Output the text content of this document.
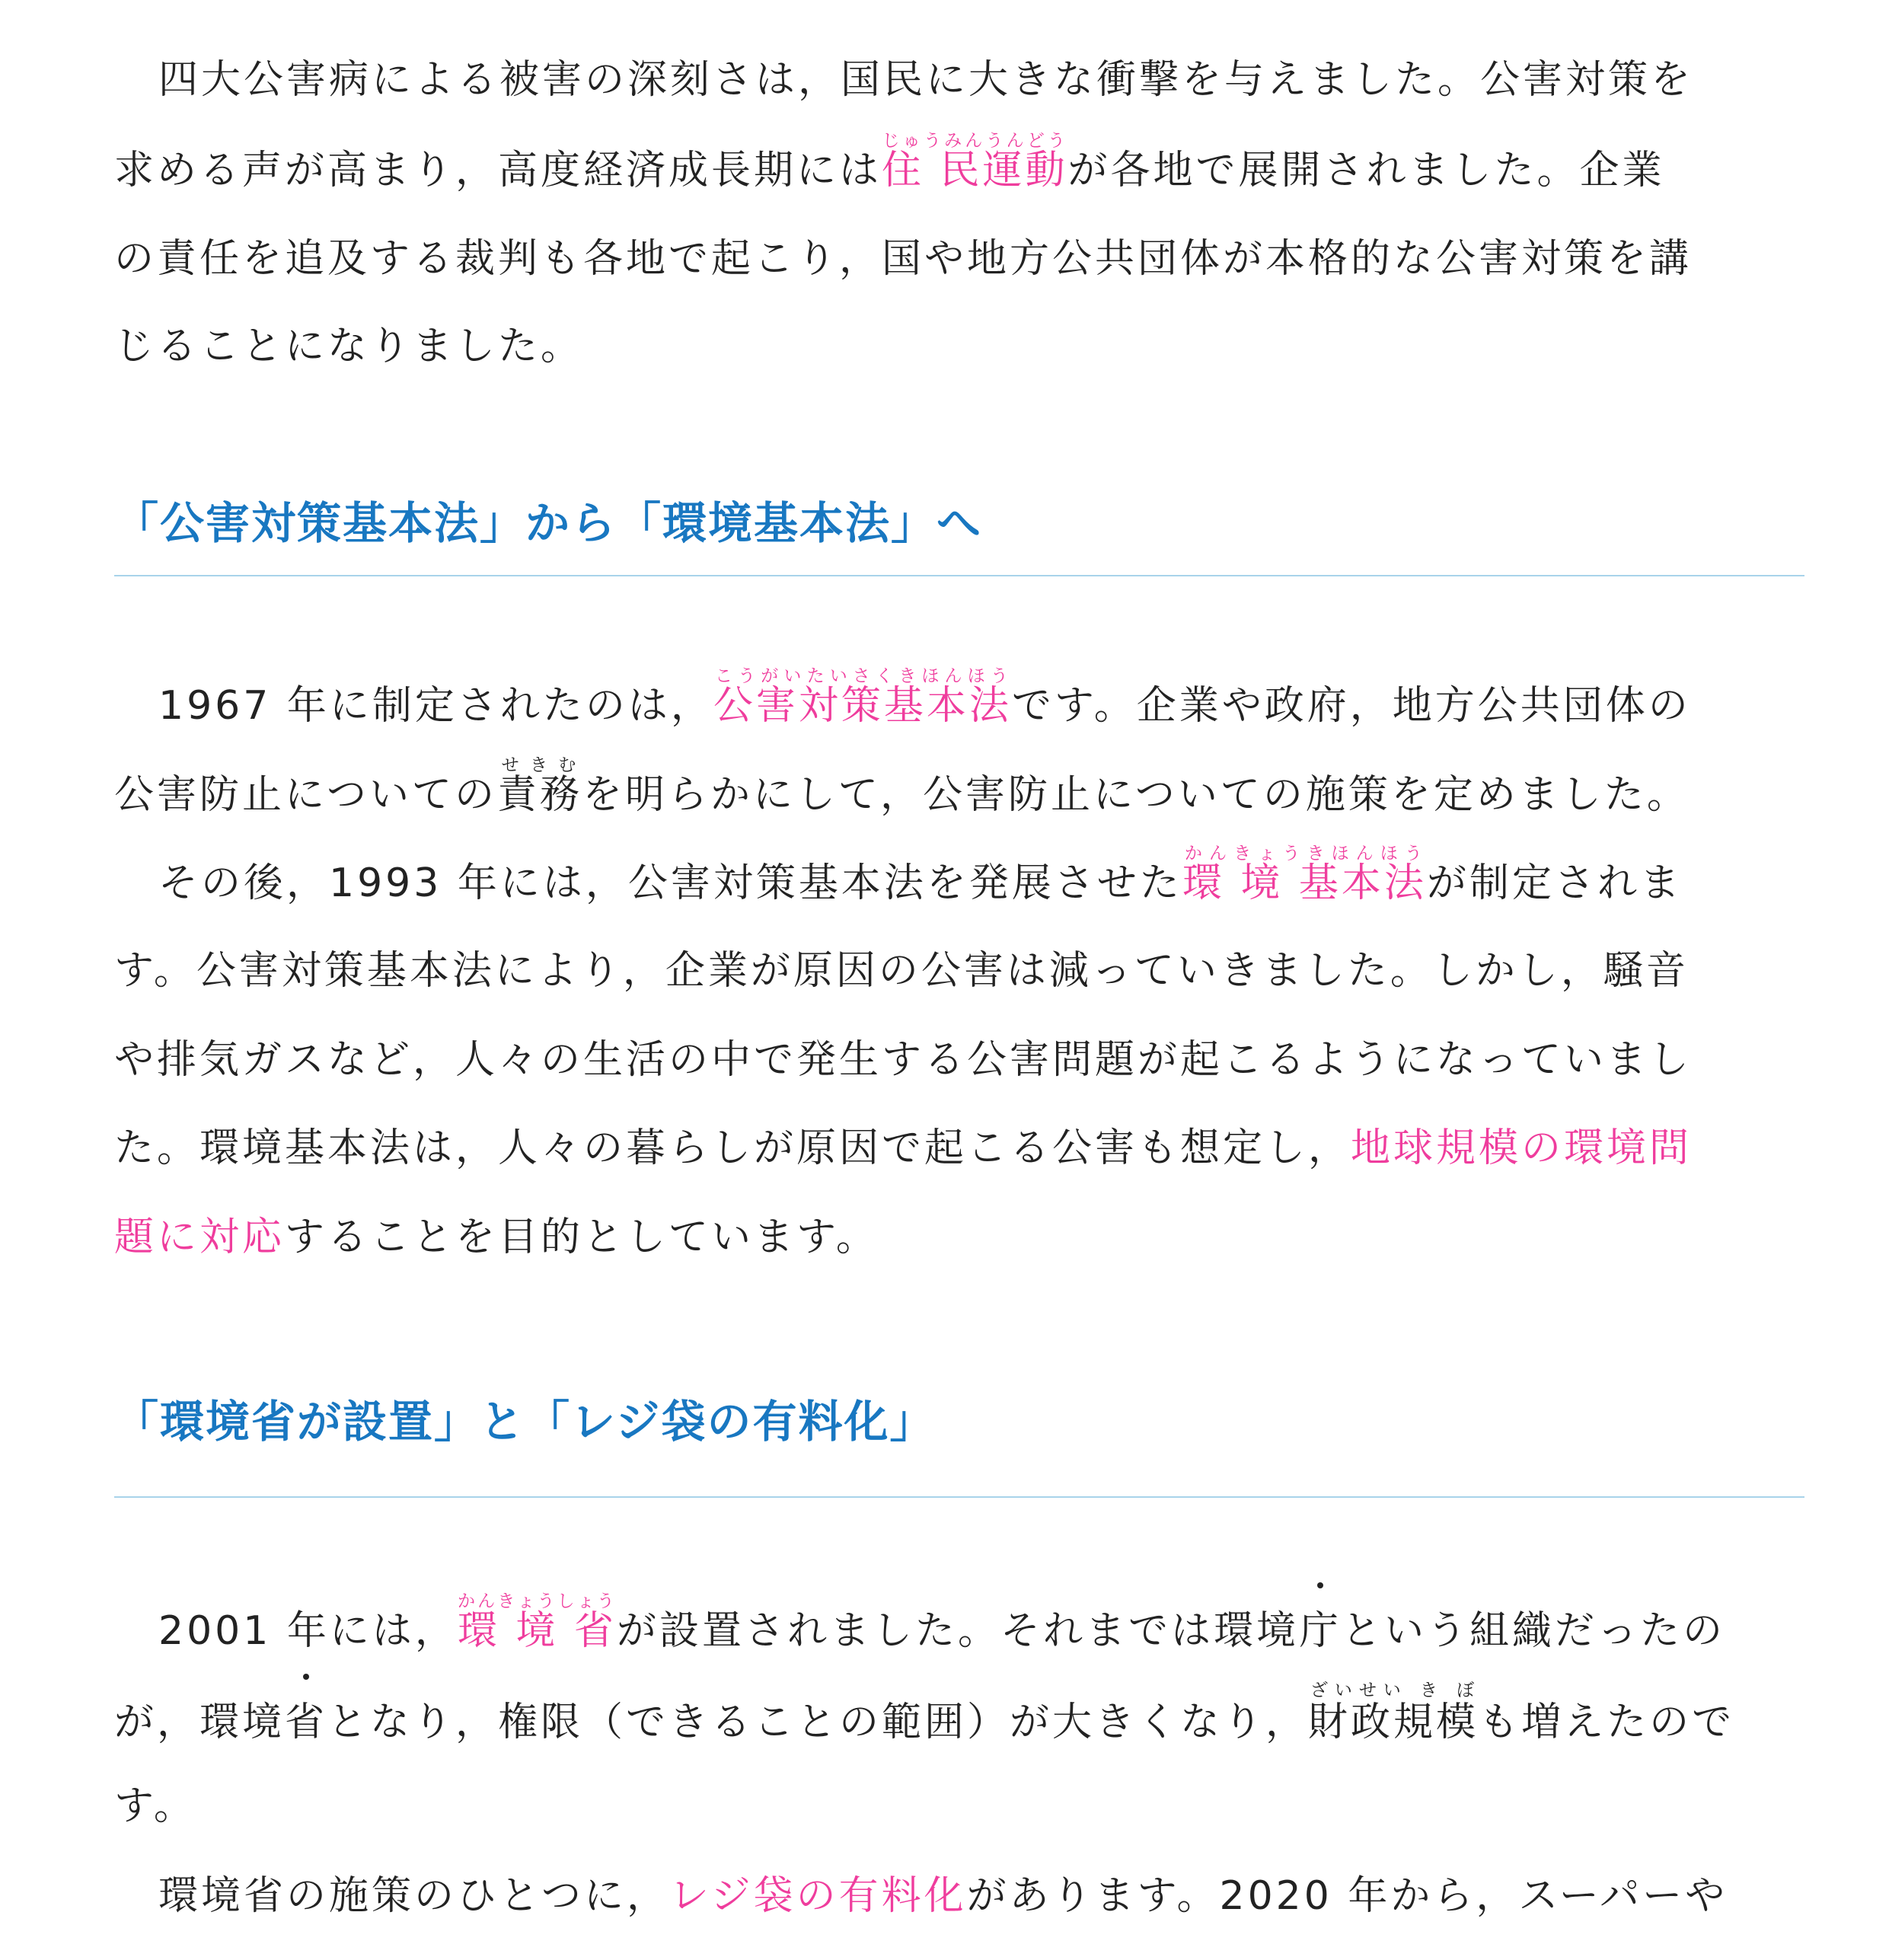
四大公害病による被害の深刻さは，国民に大きな衝撃を与えました。公害対策を
求める声が高まり，高度経済成長期には住 民運動じゅうみんうんどうが各地で展開されました。企業
の責任を追及する裁判も各地で起こり，国や地方公共団体が本格的な公害対策を講
じることになりました。
「公害対策基本法」から「環境基本法」へ
1967 年に制定されたのは，公害対策基本法こうがいたいさくきほんほうです。企業や政府，地方公共団体の
公害防止についての責務せきむを明らかにして，公害防止についての施策を定めました。
その後，1993 年には，公害対策基本法を発展させた環 境 基本法かんきょうきほんほうが制定されま
す。公害対策基本法により，企業が原因の公害は減っていきました。しかし，騒音
や排気ガスなど，人々の生活の中で発生する公害問題が起こるようになっていまし
た。環境基本法は，人々の暮らしが原因で起こる公害も想定し，地球規模の環境問
題に対応することを目的としています。
「環境省が設置」と「レジ袋の有料化」
2001 年には，環 境 省かんきょうしょうが設置されました。それまでは環境庁という組織だったの
が，環境省となり，権限（できることの範囲）が大きくなり，財政規模ざいせい き ぼも増えたので
す。
環境省の施策のひとつに，レジ袋の有料化があります。2020 年から，スーパーや
